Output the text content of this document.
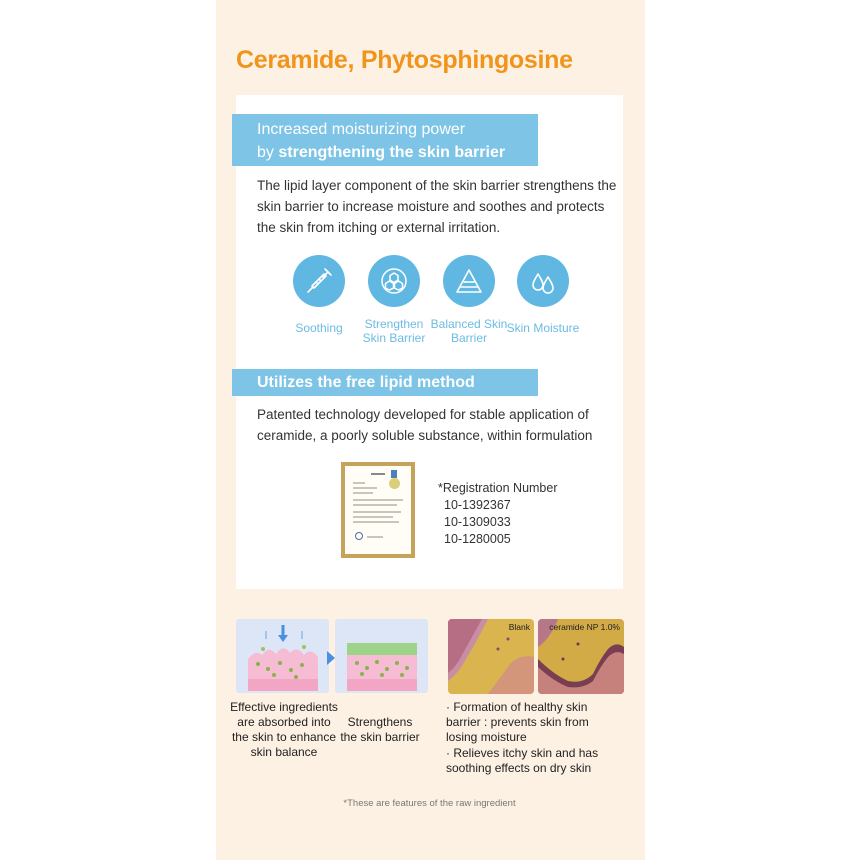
Ceramide, Phytosphingosine
Increased moisturizing power
by strengthening the skin barrier

The lipid layer component of the skin barrier strengthens the skin barrier to increase moisture and soothes and protects the skin from itching or external irritation.

Soothing	Strengthen Skin Barrier
Balanced Skin Barrier
Skin Moisture
Utilizes the free lipid method

Patented technology developed for stable application of ceramide, a poorly soluble substance, within formulation

*Registration Number
10-1392367
10-1309033
10-1280005
Blank ceramide NP 1.0%
Effective ingredients are absorbed into the skin to enhance skin balance
Strengthens the skin barrier
· Formation of healthy skin barrier : prevents skin from losing moisture
· Relieves itchy skin and has soothing effects on dry skin
*These are features of the raw ingredient
